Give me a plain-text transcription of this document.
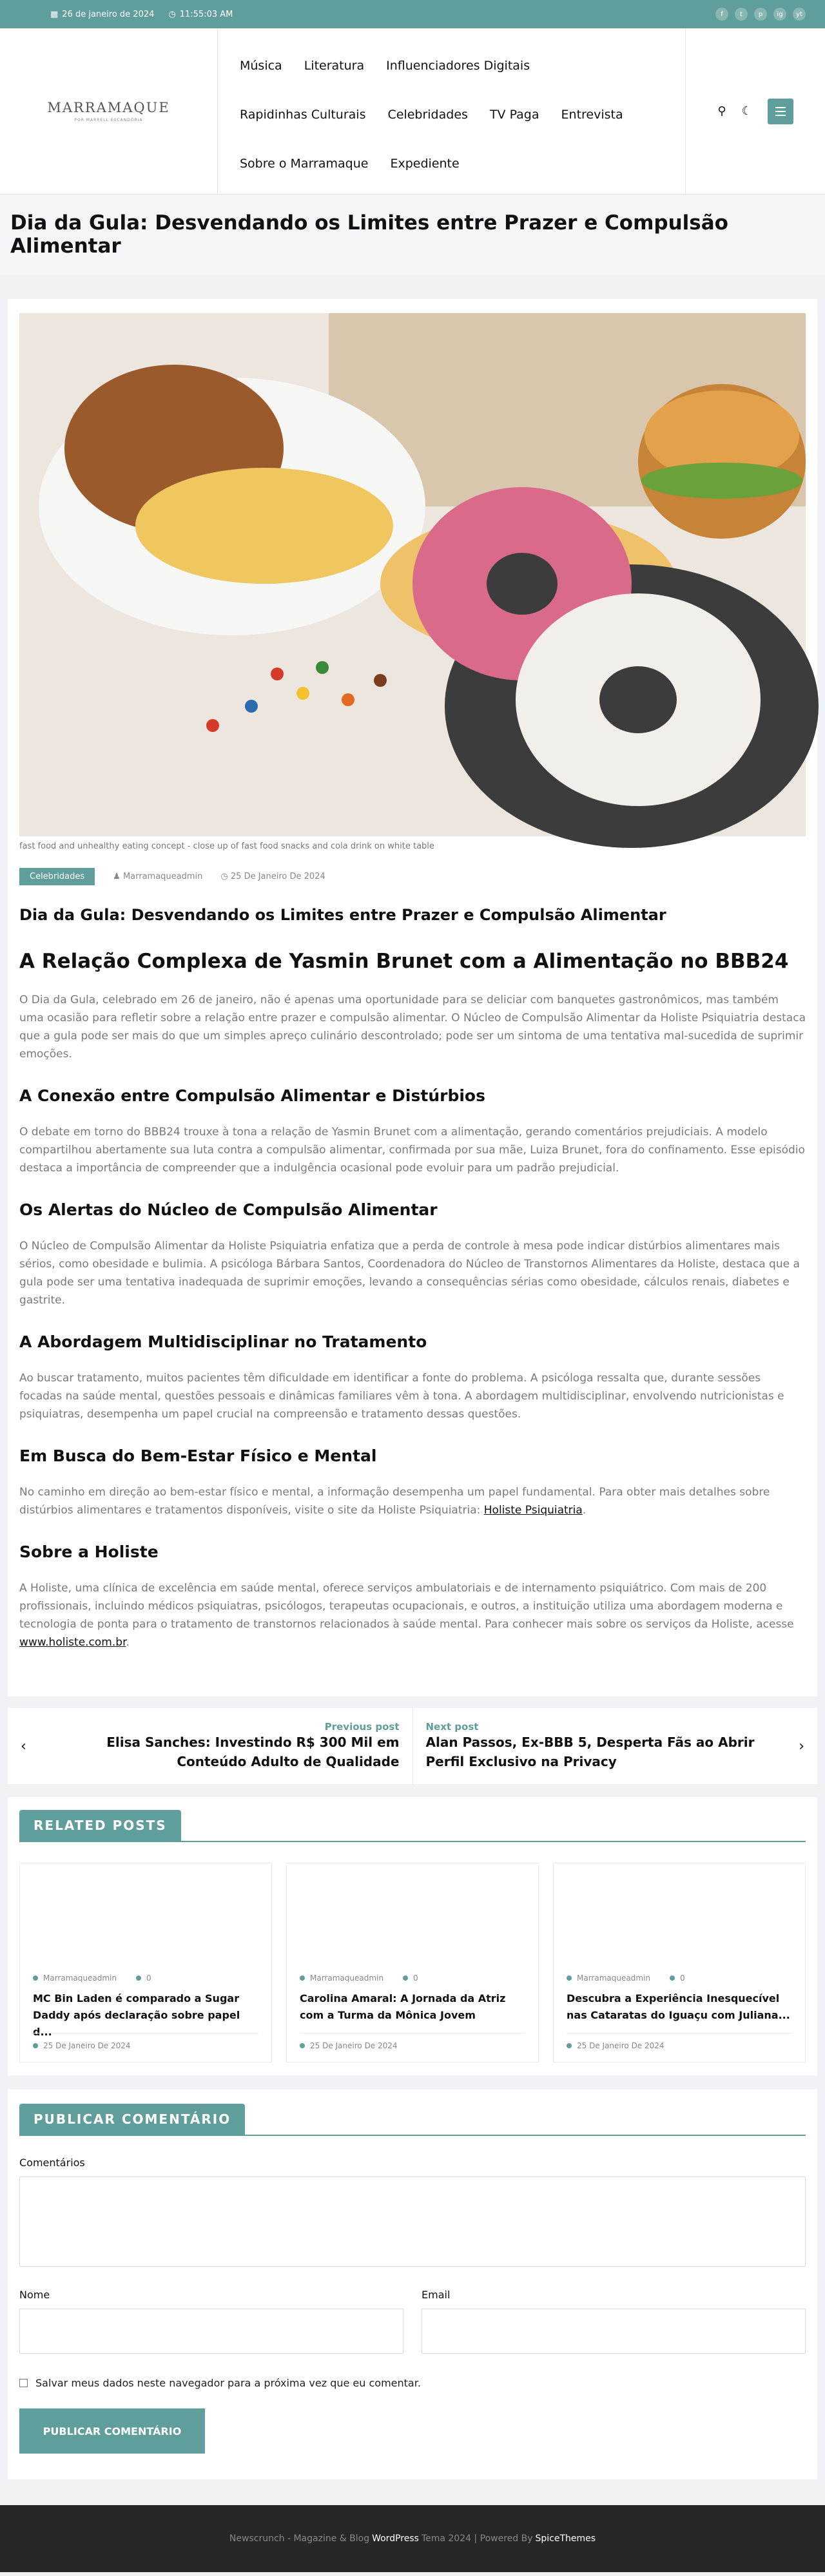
▦ 26 de janeiro de 2024 ◷ 11:55:03 AM	f	t	p	ig	yt
MARRAMAQUE
POR MARRELL ESCANDÓRIA
Música Literatura Influenciadores Digitais
Rapidinhas Culturais Celebridades TV Paga Entrevista
Sobre o Marramaque Expediente
⚲ ☾
Dia da Gula: Desvendando os Limites entre Prazer e Compulsão Alimentar
fast food and unhealthy eating concept - close up of fast food snacks and cola drink on white table
Celebridades	♟ Marramaqueadmin ◷ 25 De Janeiro De 2024
Dia da Gula: Desvendando os Limites entre Prazer e Compulsão Alimentar
A Relação Complexa de Yasmin Brunet com a Alimentação no BBB24

O Dia da Gula, celebrado em 26 de janeiro, não é apenas uma oportunidade para se deliciar com banquetes gastronômicos, mas também uma ocasião para refletir sobre a relação entre prazer e compulsão alimentar. O Núcleo de Compulsão Alimentar da Holiste Psiquiatria destaca que a gula pode ser mais do que um simples apreço culinário descontrolado; pode ser um sintoma de uma tentativa mal-sucedida de suprimir emoções.

A Conexão entre Compulsão Alimentar e Distúrbios

O debate em torno do BBB24 trouxe à tona a relação de Yasmin Brunet com a alimentação, gerando comentários prejudiciais. A modelo compartilhou abertamente sua luta contra a compulsão alimentar, confirmada por sua mãe, Luiza Brunet, fora do confinamento. Esse episódio destaca a importância de compreender que a indulgência ocasional pode evoluir para um padrão prejudicial.

Os Alertas do Núcleo de Compulsão Alimentar

O Núcleo de Compulsão Alimentar da Holiste Psiquiatria enfatiza que a perda de controle à mesa pode indicar distúrbios alimentares mais sérios, como obesidade e bulimia. A psicóloga Bárbara Santos, Coordenadora do Núcleo de Transtornos Alimentares da Holiste, destaca que a gula pode ser uma tentativa inadequada de suprimir emoções, levando a consequências sérias como obesidade, cálculos renais, diabetes e gastrite.

A Abordagem Multidisciplinar no Tratamento

Ao buscar tratamento, muitos pacientes têm dificuldade em identificar a fonte do problema. A psicóloga ressalta que, durante sessões focadas na saúde mental, questões pessoais e dinâmicas familiares vêm à tona. A abordagem multidisciplinar, envolvendo nutricionistas e psiquiatras, desempenha um papel crucial na compreensão e tratamento dessas questões.

Em Busca do Bem-Estar Físico e Mental

No caminho em direção ao bem-estar físico e mental, a informação desempenha um papel fundamental. Para obter mais detalhes sobre distúrbios alimentares e tratamentos disponíveis, visite o site da Holiste Psiquiatria: Holiste Psiquiatria.

Sobre a Holiste

A Holiste, uma clínica de excelência em saúde mental, oferece serviços ambulatoriais e de internamento psiquiátrico. Com mais de 200 profissionais, incluindo médicos psiquiatras, psicólogos, terapeutas ocupacionais, e outros, a instituição utiliza uma abordagem moderna e tecnologia de ponta para o tratamento de transtornos relacionados à saúde mental. Para conhecer mais sobre os serviços da Holiste, acesse www.holiste.com.br.

‹
Previous post
Elisa Sanches: Investindo R$ 300 Mil em Conteúdo Adulto de Qualidade
Next post
Alan Passos, Ex-BBB 5, Desperta Fãs ao Abrir Perfil Exclusivo na Privacy
›
RELATED POSTS
Marramaqueadmin	0
MC Bin Laden é comparado a Sugar Daddy após declaração sobre papel d...
25 De Janeiro De 2024
Marramaqueadmin	0
Carolina Amaral: A Jornada da Atriz com a Turma da Mônica Jovem
25 De Janeiro De 2024
Marramaqueadmin	0
Descubra a Experiência Inesquecível nas Cataratas do Iguaçu com Juliana...
25 De Janeiro De 2024
PUBLICAR COMENTÁRIO
Comentários
Nome	Email
Salvar meus dados neste navegador para a próxima vez que eu comentar.
PUBLICAR COMENTÁRIO
Newscrunch - Magazine & Blog WordPress Tema 2024 | Powered By SpiceThemes
